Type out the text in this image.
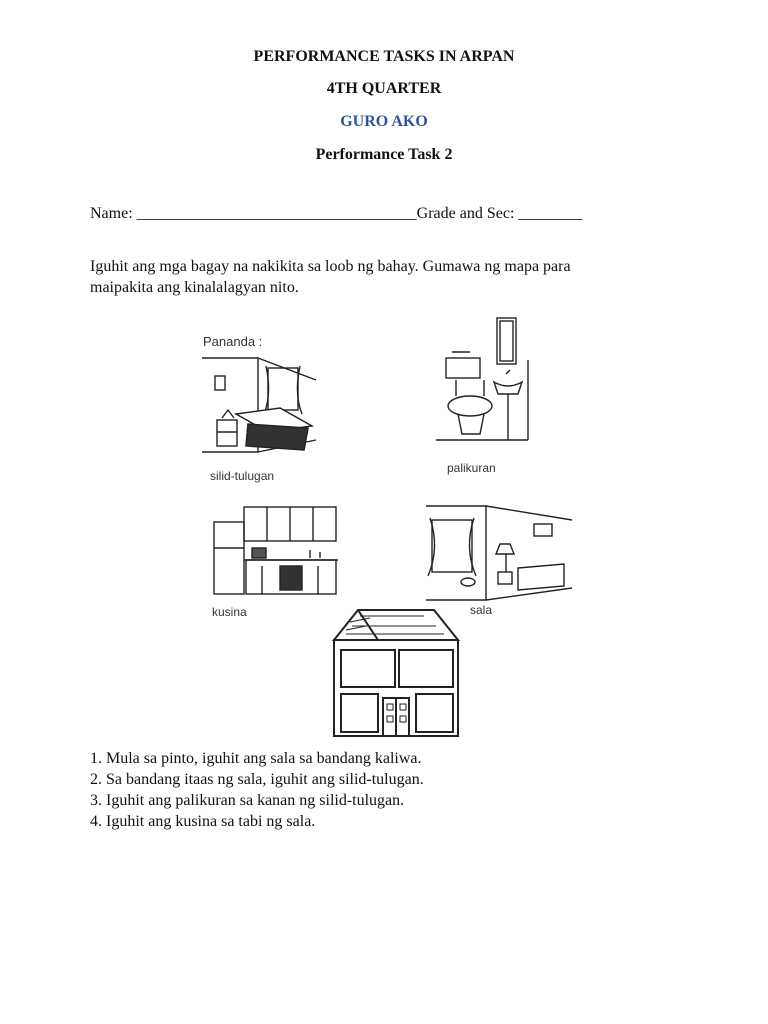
PERFORMANCE TASKS IN ARPAN
4TH QUARTER
GURO AKO
Performance Task 2
Name: ___________________________________Grade and Sec: ________
Iguhit ang mga bagay na nakikita sa loob ng bahay. Gumawa ng mapa para
maipakita ang kinalalagyan nito.
Pananda :
silid-tulugan
palikuran
kusina	sala
1. Mula sa pinto, iguhit ang sala sa bandang kaliwa.
2. Sa bandang itaas ng sala, iguhit ang silid-tulugan.
3. Iguhit ang palikuran sa kanan ng silid-tulugan.
4. Iguhit ang kusina sa tabi ng sala.
